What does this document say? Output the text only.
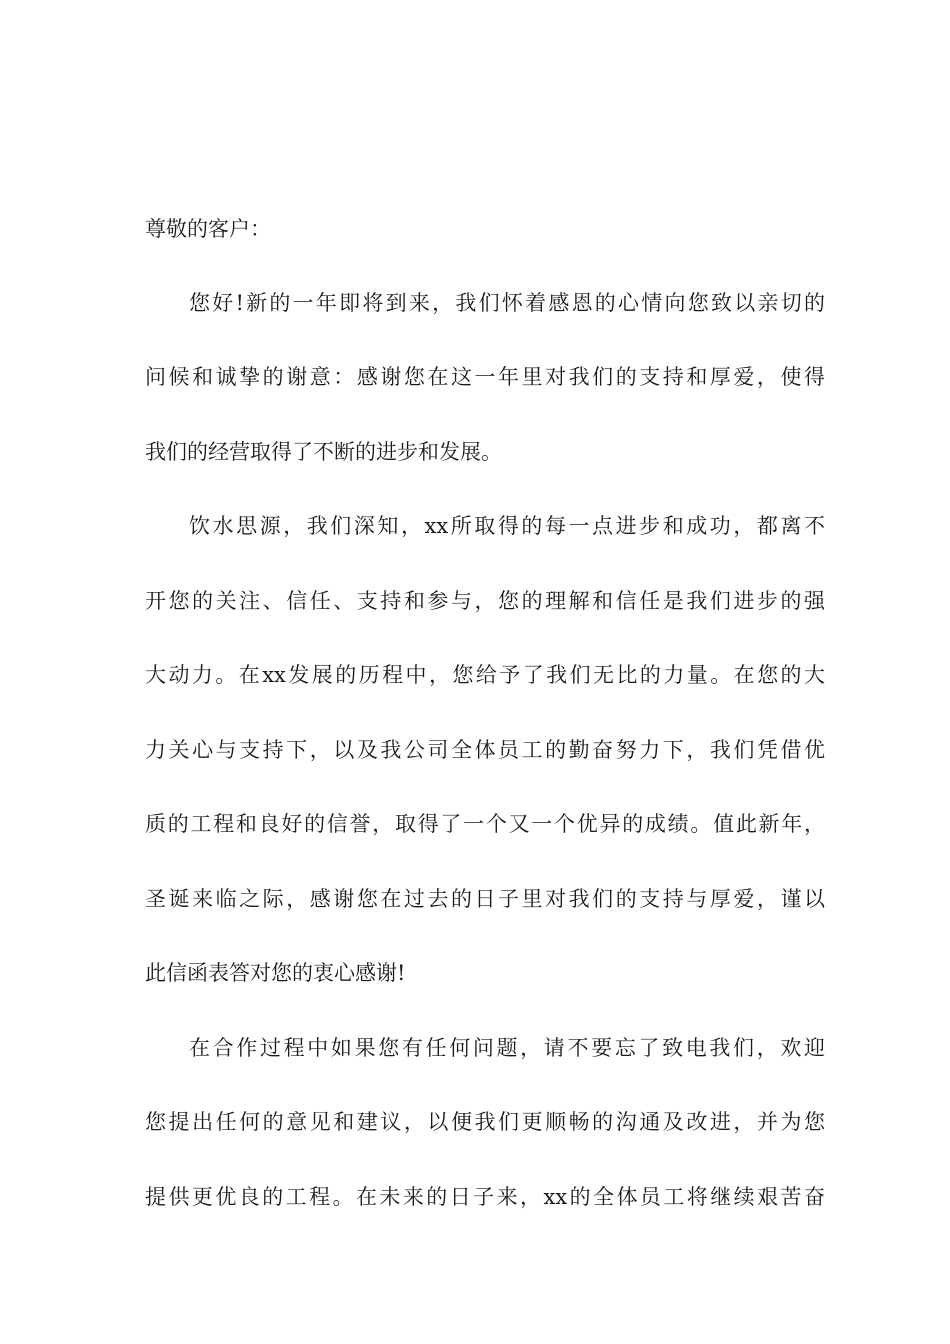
尊敬的客户：
您好!新的一年即将到来，我们怀着感恩的心情向您致以亲切的
问候和诚挚的谢意：感谢您在这一年里对我们的支持和厚爱，使得
我们的经营取得了不断的进步和发展。
饮水思源，我们深知，xx所取得的每一点进步和成功，都离不
开您的关注、信任、支持和参与，您的理解和信任是我们进步的强
大动力。在xx发展的历程中，您给予了我们无比的力量。在您的大
力关心与支持下，以及我公司全体员工的勤奋努力下，我们凭借优
质的工程和良好的信誉，取得了一个又一个优异的成绩。值此新年，
圣诞来临之际，感谢您在过去的日子里对我们的支持与厚爱，谨以
此信函表答对您的衷心感谢!
在合作过程中如果您有任何问题，请不要忘了致电我们，欢迎
您提出任何的意见和建议，以便我们更顺畅的沟通及改进，并为您
提供更优良的工程。在未来的日子来，xx的全体员工将继续艰苦奋
